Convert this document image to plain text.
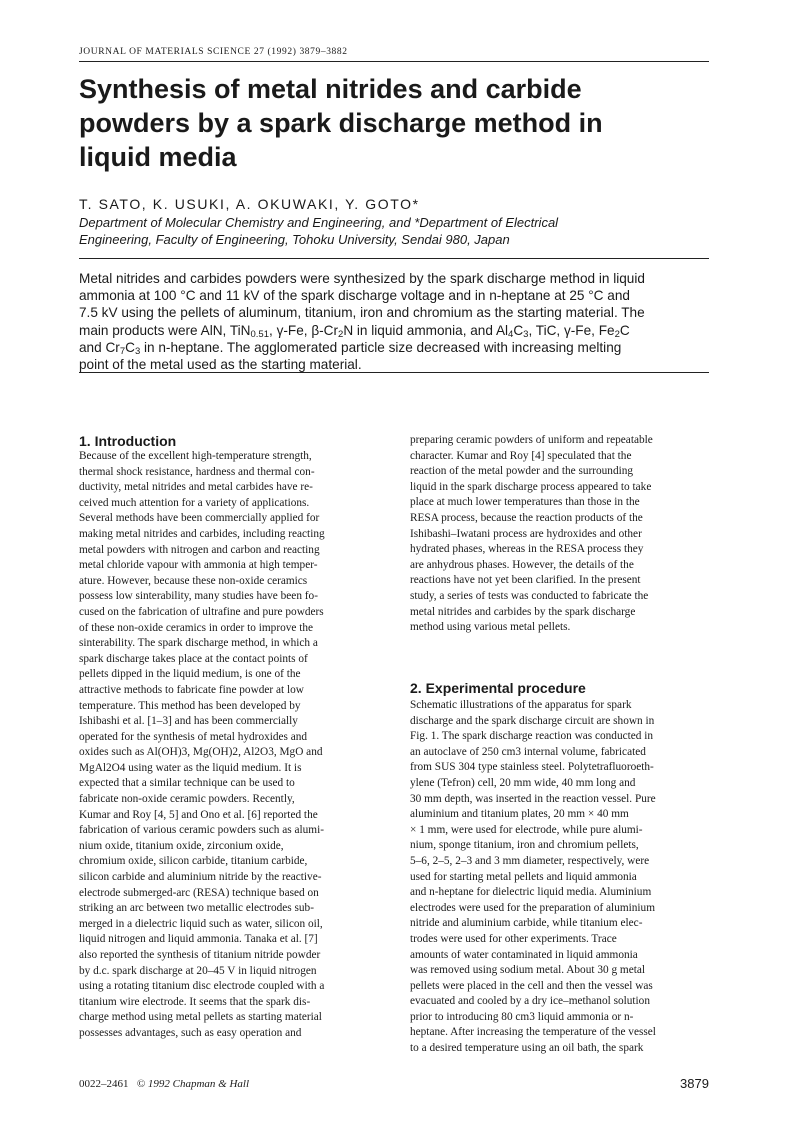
JOURNAL OF MATERIALS SCIENCE 27 (1992) 3879–3882
Synthesis of metal nitrides and carbide
powders by a spark discharge method in
liquid media
T. SATO, K. USUKI, A. OKUWAKI, Y. GOTO*
Department of Molecular Chemistry and Engineering, and *Department of Electrical
Engineering, Faculty of Engineering, Tohoku University, Sendai 980, Japan
Metal nitrides and carbides powders were synthesized by the spark discharge method in liquid
ammonia at 100 °C and 11 kV of the spark discharge voltage and in n-heptane at 25 °C and
7.5 kV using the pellets of aluminum, titanium, iron and chromium as the starting material. The
main products were AlN, TiN$_{0.51}$, γ-Fe, $\beta-Cr_2N$ in liquid ammonia, and $Al_4C_3$, TiC, γ-Fe, $Fe_2C$
and $Cr_7C_3$ in n-heptane. The agglomerated particle size decreased with increasing melting
point of the metal used as the starting material.
1. Introduction
Because of the excellent high-temperature strength,
thermal shock resistance, hardness and thermal con-
ductivity, metal nitrides and metal carbides have re-
ceived much attention for a variety of applications.
Several methods have been commercially applied for
making metal nitrides and carbides, including reacting
metal powders with nitrogen and carbon and reacting
metal chloride vapour with ammonia at high temper-
ature. However, because these non-oxide ceramics
possess low sinterability, many studies have been fo-
cused on the fabrication of ultrafine and pure powders
of these non-oxide ceramics in order to improve the
sinterability. The spark discharge method, in which a
spark discharge takes place at the contact points of
pellets dipped in the liquid medium, is one of the
attractive methods to fabricate fine powder at low
temperature. This method has been developed by
Ishibashi et al. [1–3] and has been commercially
operated for the synthesis of metal hydroxides and
oxides such as Al(OH)3, Mg(OH)2, Al2O3, MgO and
MgAl2O4 using water as the liquid medium. It is
expected that a similar technique can be used to
fabricate non-oxide ceramic powders. Recently,
Kumar and Roy [4, 5] and Ono et al. [6] reported the
fabrication of various ceramic powders such as alumi-
nium oxide, titanium oxide, zirconium oxide,
chromium oxide, silicon carbide, titanium carbide,
silicon carbide and aluminium nitride by the reactive-
electrode submerged-arc (RESA) technique based on
striking an arc between two metallic electrodes sub-
merged in a dielectric liquid such as water, silicon oil,
liquid nitrogen and liquid ammonia. Tanaka et al. [7]
also reported the synthesis of titanium nitride powder
by d.c. spark discharge at 20–45 V in liquid nitrogen
using a rotating titanium disc electrode coupled with a
titanium wire electrode. It seems that the spark dis-
charge method using metal pellets as starting material
possesses advantages, such as easy operation and
preparing ceramic powders of uniform and repeatable
character. Kumar and Roy [4] speculated that the
reaction of the metal powder and the surrounding
liquid in the spark discharge process appeared to take
place at much lower temperatures than those in the
RESA process, because the reaction products of the
Ishibashi–Iwatani process are hydroxides and other
hydrated phases, whereas in the RESA process they
are anhydrous phases. However, the details of the
reactions have not yet been clarified. In the present
study, a series of tests was conducted to fabricate the
metal nitrides and carbides by the spark discharge
method using various metal pellets.
2. Experimental procedure
Schematic illustrations of the apparatus for spark
discharge and the spark discharge circuit are shown in
Fig. 1. The spark discharge reaction was conducted in
an autoclave of 250 cm3 internal volume, fabricated
from SUS 304 type stainless steel. Polytetrafluoroeth-
ylene (Tefron) cell, 20 mm wide, 40 mm long and
30 mm depth, was inserted in the reaction vessel. Pure
aluminium and titanium plates, 20 mm × 40 mm
× 1 mm, were used for electrode, while pure alumi-
nium, sponge titanium, iron and chromium pellets,
5–6, 2–5, 2–3 and 3 mm diameter, respectively, were
used for starting metal pellets and liquid ammonia
and n-heptane for dielectric liquid media. Aluminium
electrodes were used for the preparation of aluminium
nitride and aluminium carbide, while titanium elec-
trodes were used for other experiments. Trace
amounts of water contaminated in liquid ammonia
was removed using sodium metal. About 30 g metal
pellets were placed in the cell and then the vessel was
evacuated and cooled by a dry ice–methanol solution
prior to introducing 80 cm3 liquid ammonia or n-
heptane. After increasing the temperature of the vessel
to a desired temperature using an oil bath, the spark
0022–2461 © 1992 Chapman & Hall	3879
